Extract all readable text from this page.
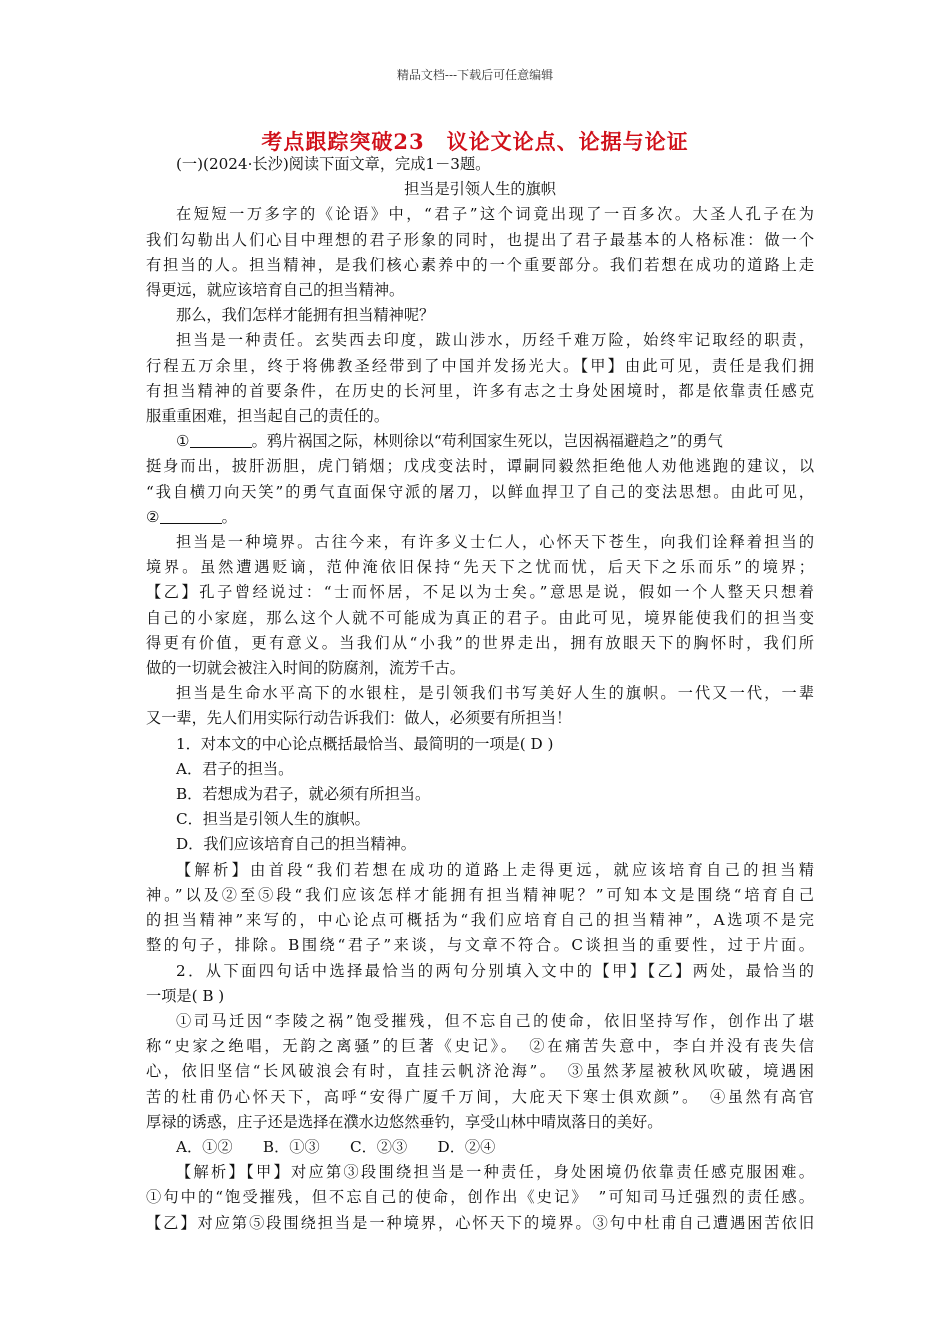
精品文档---下载后可任意编辑
考点跟踪突破23　议论文论点、论据与论证
(一)(2024·长沙)阅读下面文章，完成1－3题。
担当是引领人生的旗帜
在短短一万多字的《论语》中，“君子”这个词竟出现了一百多次。大圣人孔子在为
我们勾勒出人们心目中理想的君子形象的同时，也提出了君子最基本的人格标准：做一个
有担当的人。担当精神，是我们核心素养中的一个重要部分。我们若想在成功的道路上走
得更远，就应该培育自己的担当精神。
那么，我们怎样才能拥有担当精神呢？
担当是一种责任。玄奘西去印度，跋山涉水，历经千难万险，始终牢记取经的职责，
行程五万余里，终于将佛教圣经带到了中国并发扬光大。【甲】由此可见，责任是我们拥
有担当精神的首要条件，在历史的长河里，许多有志之士身处困境时，都是依靠责任感克
服重重困难，担当起自己的责任的。
①	。鸦片祸国之际，林则徐以“苟利国家生死以，岂因祸福避趋之”的勇气
挺身而出，披肝沥胆，虎门销烟；戊戌变法时，谭嗣同毅然拒绝他人劝他逃跑的建议，以
“我自横刀向天笑”的勇气直面保守派的屠刀，以鲜血捍卫了自己的变法思想。由此可见，
②	。
担当是一种境界。古往今来，有许多义士仁人，心怀天下苍生，向我们诠释着担当的
境界。虽然遭遇贬谪，范仲淹依旧保持“先天下之忧而忧，后天下之乐而乐”的境界；
【乙】孔子曾经说过：“士而怀居，不足以为士矣。”意思是说，假如一个人整天只想着
自己的小家庭，那么这个人就不可能成为真正的君子。由此可见，境界能使我们的担当变
得更有价值，更有意义。当我们从“小我”的世界走出，拥有放眼天下的胸怀时，我们所
做的一切就会被注入时间的防腐剂，流芳千古。
担当是生命水平高下的水银柱，是引领我们书写美好人生的旗帜。一代又一代，一辈
又一辈，先人们用实际行动告诉我们：做人，必须要有所担当！
1．对本文的中心论点概括最恰当、最简明的一项是( D )
A．君子的担当。
B．若想成为君子，就必须有所担当。
C．担当是引领人生的旗帜。
D．我们应该培育自己的担当精神。
【解析】由首段“我们若想在成功的道路上走得更远，就应该培育自己的担当精
神。”以及②至⑤段“我们应该怎样才能拥有担当精神呢？”可知本文是围绕“培育自己
的担当精神”来写的，中心论点可概括为“我们应培育自己的担当精神”，A选项不是完
整的句子，排除。B围绕“君子”来谈，与文章不符合。C谈担当的重要性，过于片面。
2．从下面四句话中选择最恰当的两句分别填入文中的【甲】【乙】两处，最恰当的
一项是( B )
①司马迁因“李陵之祸”饱受摧残，但不忘自己的使命，依旧坚持写作，创作出了堪
称“史家之绝唱，无韵之离骚”的巨著《史记》。　②在痛苦失意中，李白并没有丧失信
心，依旧坚信“长风破浪会有时，直挂云帆济沧海”。　③虽然茅屋被秋风吹破，境遇困
苦的杜甫仍心怀天下，高呼“安得广厦千万间，大庇天下寒士俱欢颜”。　④虽然有高官
厚禄的诱惑，庄子还是选择在濮水边悠然垂钓，享受山林中晴岚落日的美好。
A．①②　　B．①③　　C．②③　　D．②④
【解析】【甲】对应第③段围绕担当是一种责任，身处困境仍依靠责任感克服困难。
①句中的“饱受摧残，但不忘自己的使命，创作出《史记》　”可知司马迁强烈的责任感。
【乙】对应第⑤段围绕担当是一种境界，心怀天下的境界。③句中杜甫自己遭遇困苦依旧
